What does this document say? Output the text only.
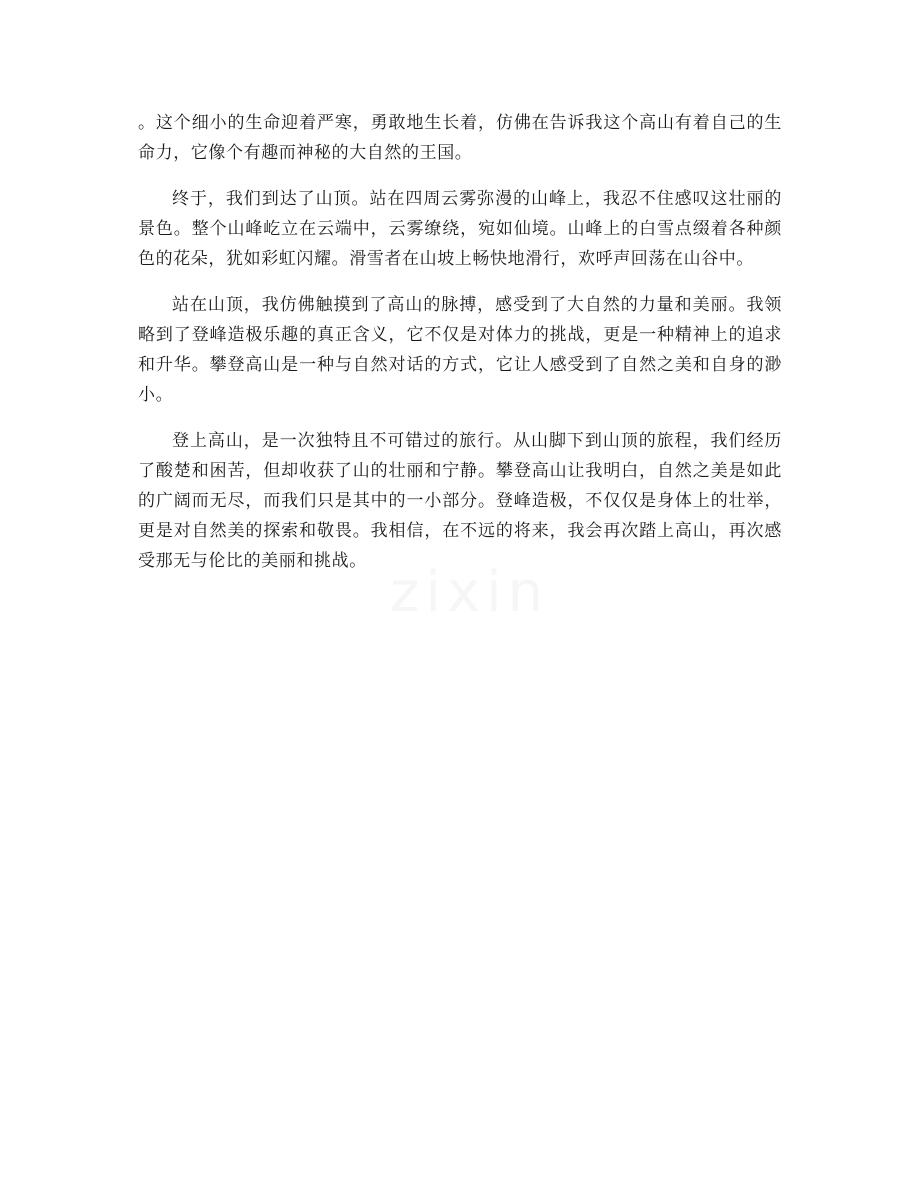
。这个细小的生命迎着严寒，勇敢地生长着，仿佛在告诉我这个高山有着自己的生命力，它像个有趣而神秘的大自然的王国。

终于，我们到达了山顶。站在四周云雾弥漫的山峰上，我忍不住感叹这壮丽的景色。整个山峰屹立在云端中，云雾缭绕，宛如仙境。山峰上的白雪点缀着各种颜色的花朵，犹如彩虹闪耀。滑雪者在山坡上畅快地滑行，欢呼声回荡在山谷中。

站在山顶，我仿佛触摸到了高山的脉搏，感受到了大自然的力量和美丽。我领略到了登峰造极乐趣的真正含义，它不仅是对体力的挑战，更是一种精神上的追求和升华。攀登高山是一种与自然对话的方式，它让人感受到了自然之美和自身的渺小。

登上高山，是一次独特且不可错过的旅行。从山脚下到山顶的旅程，我们经历了酸楚和困苦，但却收获了山的壮丽和宁静。攀登高山让我明白，自然之美是如此的广阔而无尽，而我们只是其中的一小部分。登峰造极，不仅仅是身体上的壮举，更是对自然美的探索和敬畏。我相信，在不远的将来，我会再次踏上高山，再次感受那无与伦比的美丽和挑战。 zixin
